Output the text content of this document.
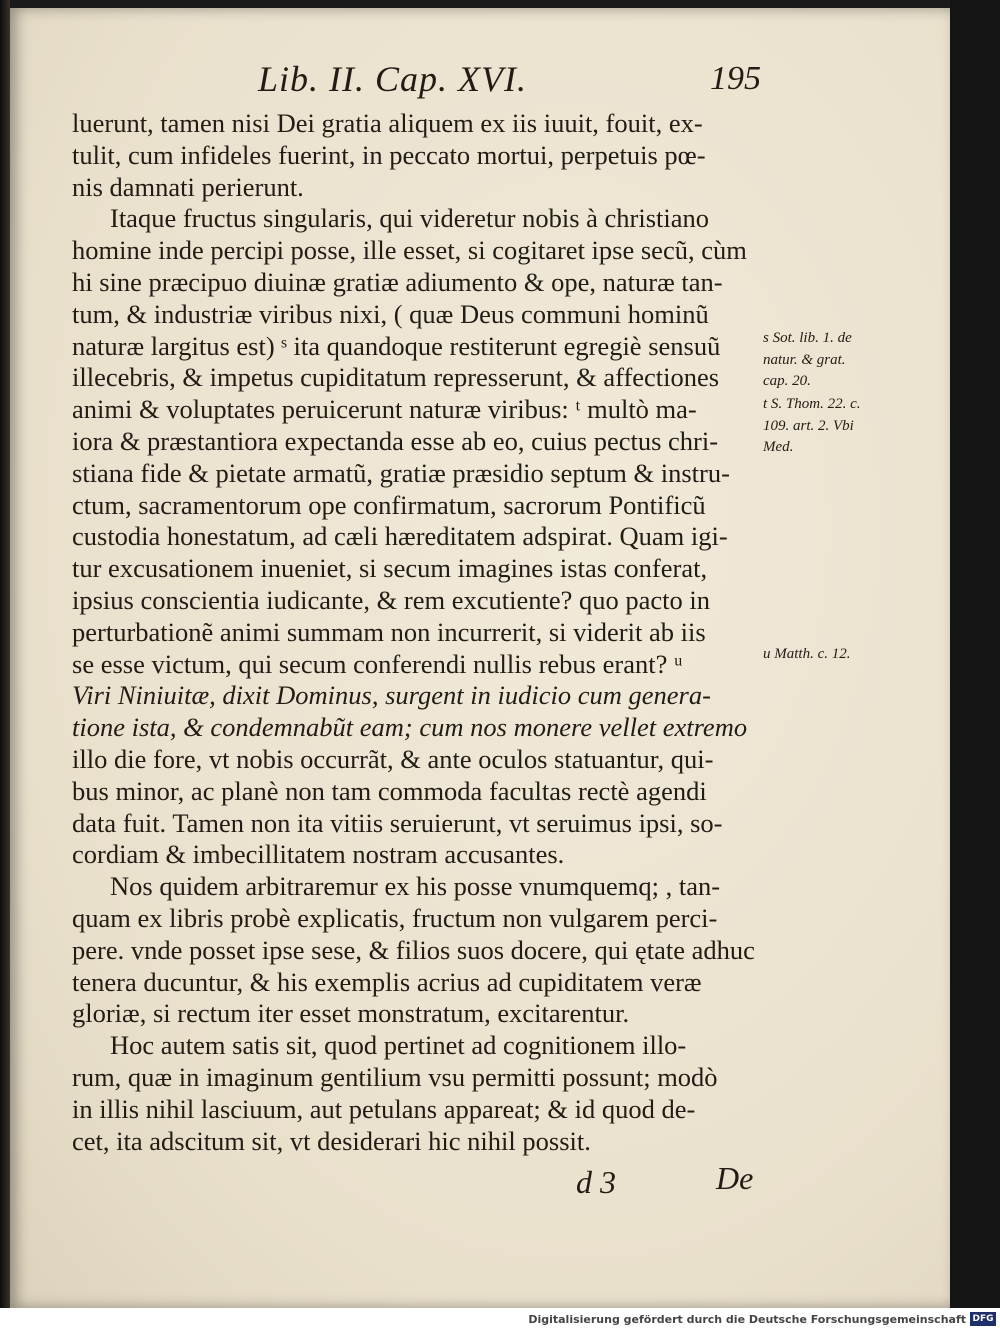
Lib. II. Cap. XVI.	195
luerunt, tamen nisi Dei gratia aliquem ex iis iuuit, fouit, ex-
tulit, cum infideles fuerint, in peccato mortui, perpetuis pœ-
nis damnati perierunt.
Itaque fructus singularis, qui videretur nobis à christiano
homine inde percipi posse, ille esset, si cogitaret ipse secũ, cùm
hi sine præcipuo diuinæ gratiæ adiumento & ope, naturæ tan-
tum, & industriæ viribus nixi, ( quæ Deus communi hominũ
naturæ largitus est) ˢ ita quandoque restiterunt egregiè sensuũ
illecebris, & impetus cupiditatum represserunt, & affectiones
animi & voluptates peruicerunt naturæ viribus: ᵗ multò ma-
iora & præstantiora expectanda esse ab eo, cuius pectus chri-
stiana fide & pietate armatũ, gratiæ præsidio septum & instru-
ctum, sacramentorum ope confirmatum, sacrorum Pontificũ
custodia honestatum, ad cæli hæreditatem adspirat. Quam igi-
tur excusationem inueniet, si secum imagines istas conferat,
ipsius conscientia iudicante, & rem excutiente? quo pacto in
perturbationẽ animi summam non incurrerit, si viderit ab iis
se esse victum, qui secum conferendi nullis rebus erant? ᵘ
Viri Niniuitæ, dixit Dominus, surgent in iudicio cum genera-
tione ista, & condemnabũt eam; cum nos monere vellet extremo
illo die fore, vt nobis occurrãt, & ante oculos statuantur, qui-
bus minor, ac planè non tam commoda facultas rectè agendi
data fuit. Tamen non ita vitiis seruierunt, vt seruimus ipsi, so-
cordiam & imbecillitatem nostram accusantes.
Nos quidem arbitraremur ex his posse vnumquemq; , tan-
quam ex libris probè explicatis, fructum non vulgarem perci-
pere. vnde posset ipse sese, & filios suos docere, qui ętate adhuc
tenera ducuntur, & his exemplis acrius ad cupiditatem veræ
gloriæ, si rectum iter esset monstratum, excitarentur.
Hoc autem satis sit, quod pertinet ad cognitionem illo-
rum, quæ in imaginum gentilium vsu permitti possunt; modò
in illis nihil lasciuum, aut petulans appareat; & id quod de-
cet, ita adscitum sit, vt desiderari hic nihil possit.
s Sot. lib. 1. de
natur. & grat.
cap. 20.
t S. Thom. 22. c.
109. art. 2. Vbi
Med.
u Matth. c. 12.
d 3	De
Digitalisierung gefördert durch die Deutsche Forschungsgemeinschaft DFG
